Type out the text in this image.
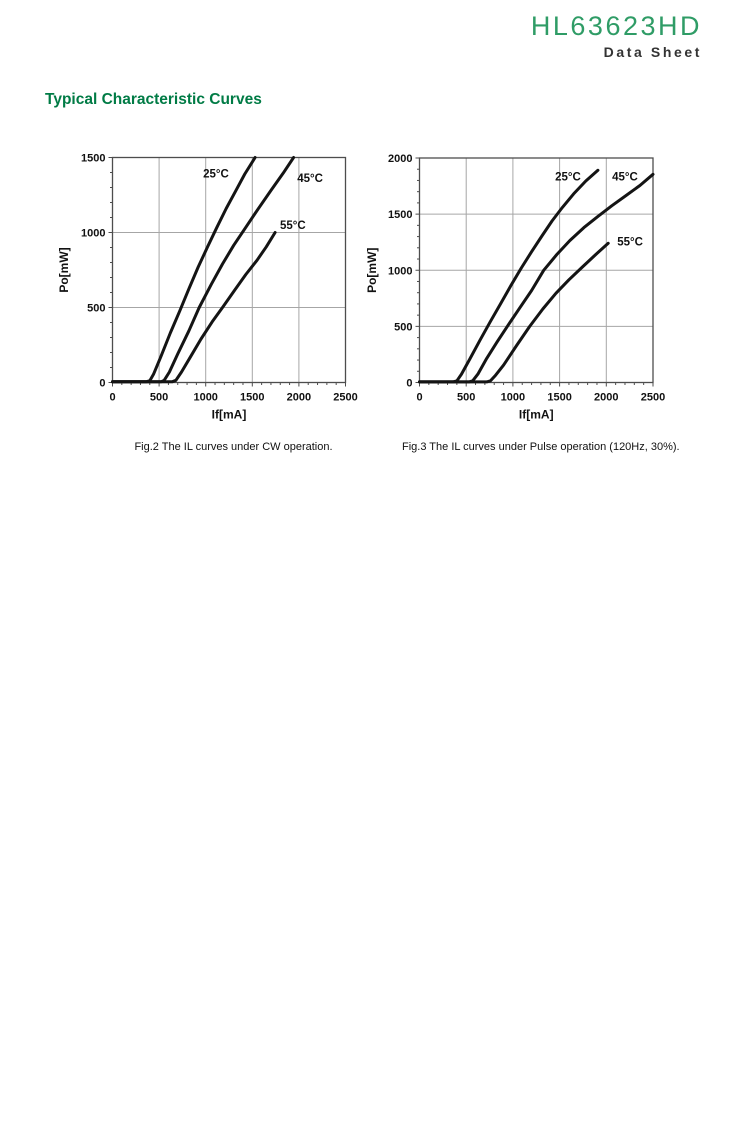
HL63623HD
Data Sheet
Typical Characteristic Curves
25°C	45°C
55°C
0	500 1000 1500 2000 2500
0
500
1000
1500
If[mA]
Po[mW]
25°C	45°C
55°C
0	500 1000 1500 2000 2500
0
500
1000
1500
2000
If[mA]
Po[mW]
Fig.2 The IL curves under CW operation.	Fig.3 The IL curves under Pulse operation (120Hz, 30%).
